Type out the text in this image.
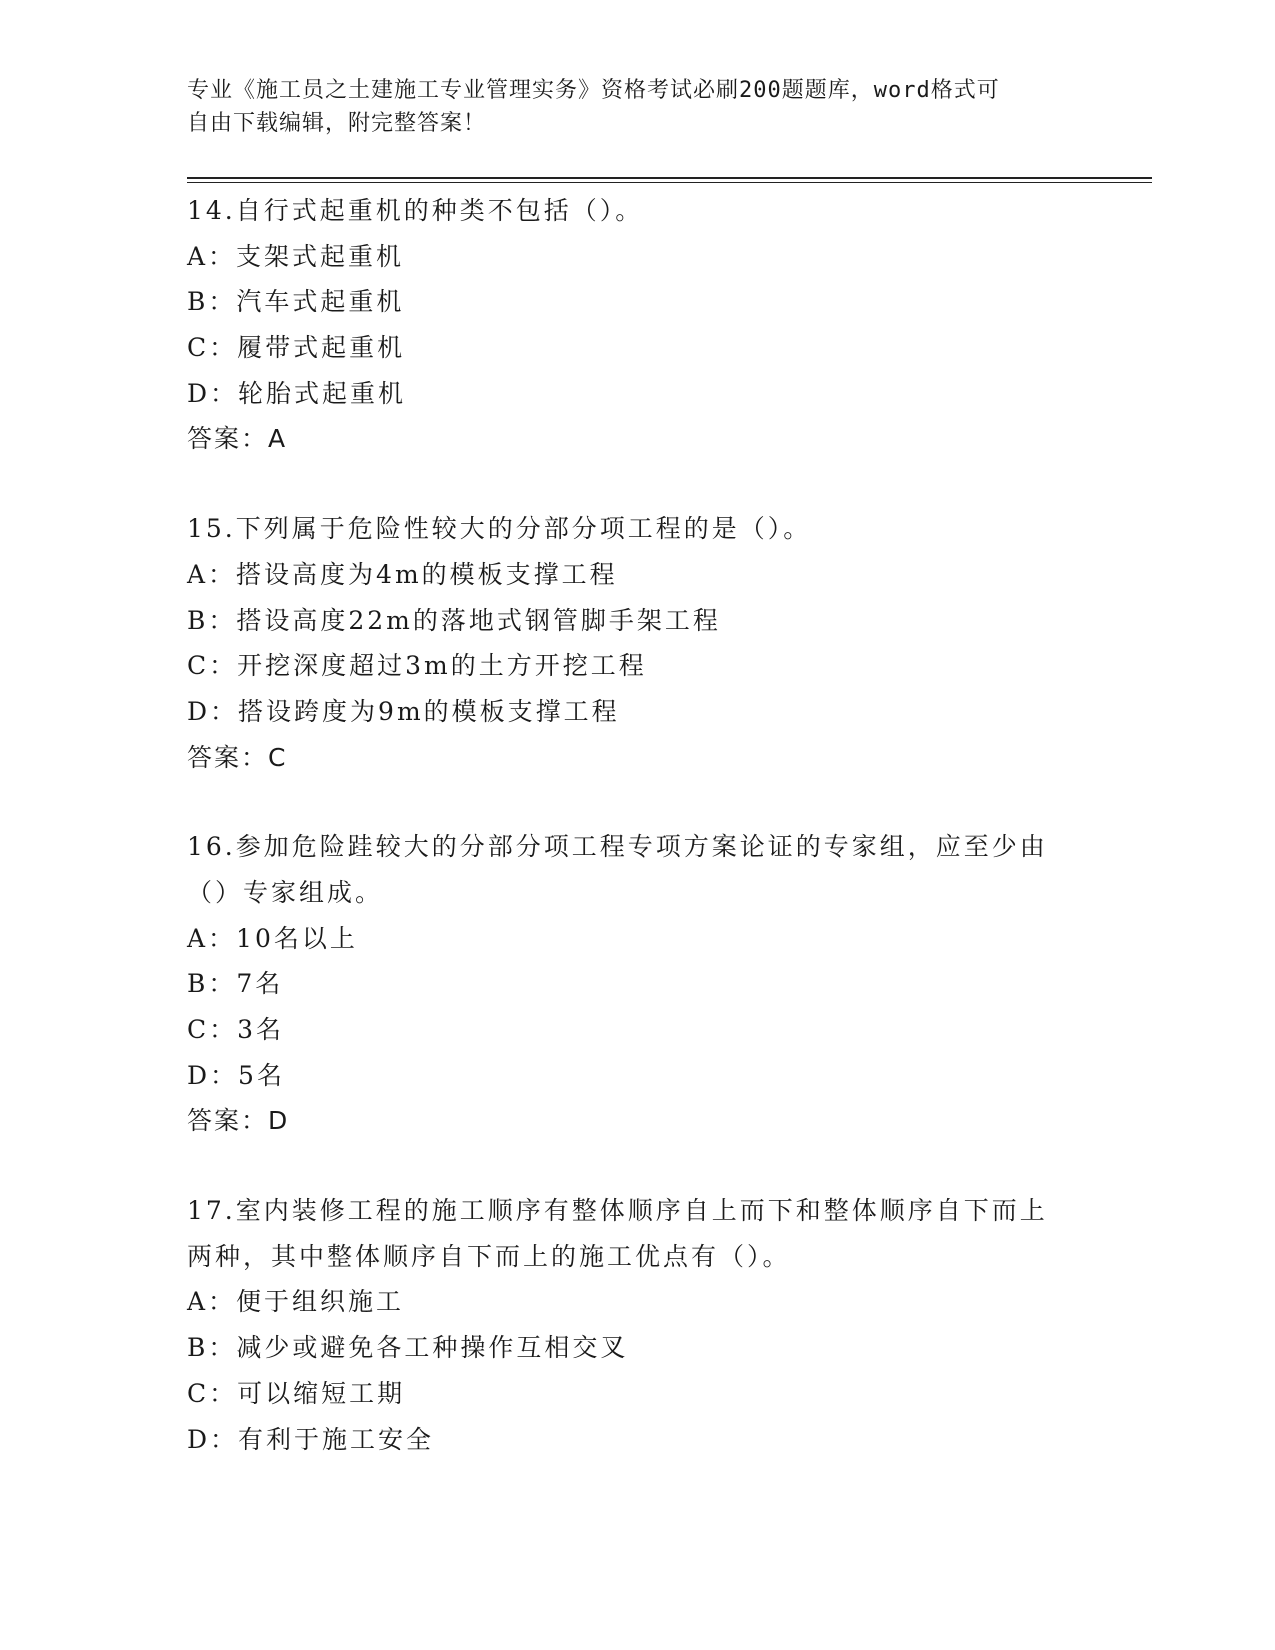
专业《施工员之土建施工专业管理实务》资格考试必刷200题题库，word格式可
自由下载编辑，附完整答案！
14.自行式起重机的种类不包括（）。
A：支架式起重机
B：汽车式起重机
C：履带式起重机
D：轮胎式起重机
答案：A
15.下列属于危险性较大的分部分项工程的是（）。
A：搭设高度为4m的模板支撑工程
B：搭设高度22m的落地式钢管脚手架工程
C：开挖深度超过3m的土方开挖工程
D：搭设跨度为9m的模板支撑工程
答案：C
16.参加危险跬较大的分部分项工程专项方案论证的专家组，应至少由
（）专家组成。
A：10名以上
B：7名
C：3名
D：5名
答案：D
17.室内装修工程的施工顺序有整体顺序自上而下和整体顺序自下而上
两种，其中整体顺序自下而上的施工优点有（）。
A：便于组织施工
B：减少或避免各工种操作互相交叉
C：可以缩短工期
D：有利于施工安全
